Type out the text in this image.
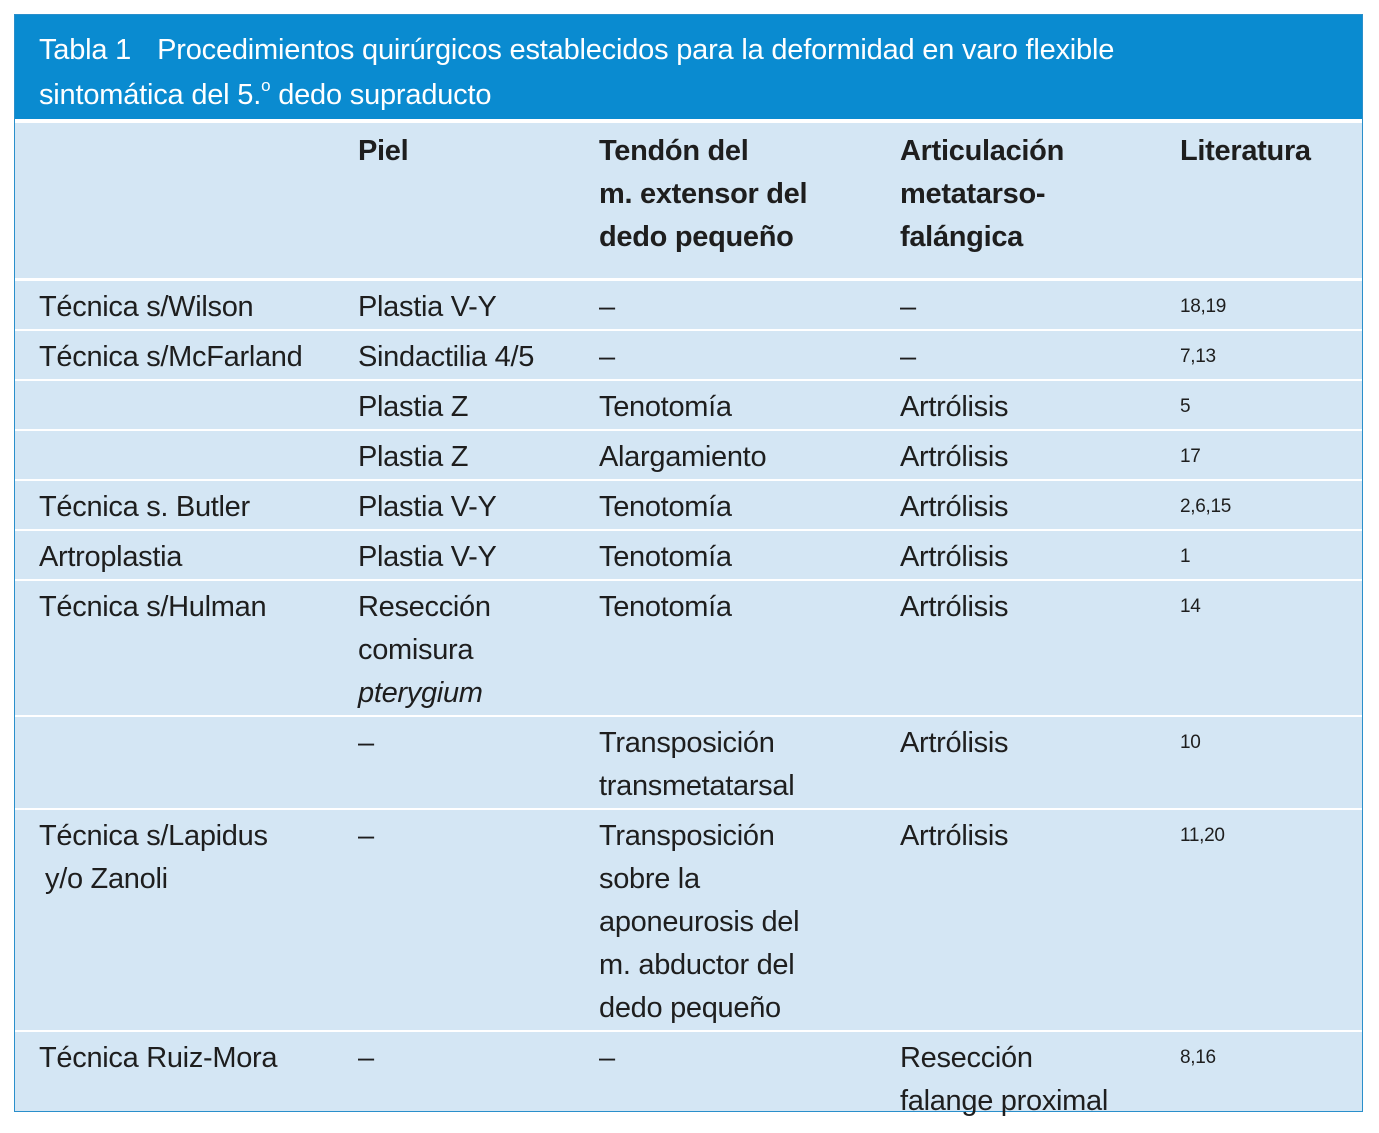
Tabla 1 Procedimientos quirúrgicos establecidos para la deformidad en varo flexible
sintomática del 5.$^o$ dedo supraducto
	Piel	Tendón del
m. extensor del
dedo pequeño	Articulación
metatarso-
falángica	Literatura

Técnica s/Wilson	Plastia V-Y	–	–	18,19

Técnica s/McFarland	Sindactilia 4/5	–	–	7,13

	Plastia Z	Tenotomía	Artrólisis	5

	Plastia Z	Alargamiento	Artrólisis	17

Técnica s. Butler	Plastia V-Y	Tenotomía	Artrólisis	2,6,15

Artroplastia	Plastia V-Y	Tenotomía	Artrólisis	1

Técnica s/Hulman	Resección
comisura
pterygium	Tenotomía	Artrólisis	14

	–	Transposición
transmetatarsal	Artrólisis	10

Técnica s/Lapidus
y/o Zanoli	–	Transposición
sobre la
aponeurosis del
m. abductor del
dedo pequeño	Artrólisis	11,20

Técnica Ruiz-Mora	–	–	Resección
falange proximal	8,16
